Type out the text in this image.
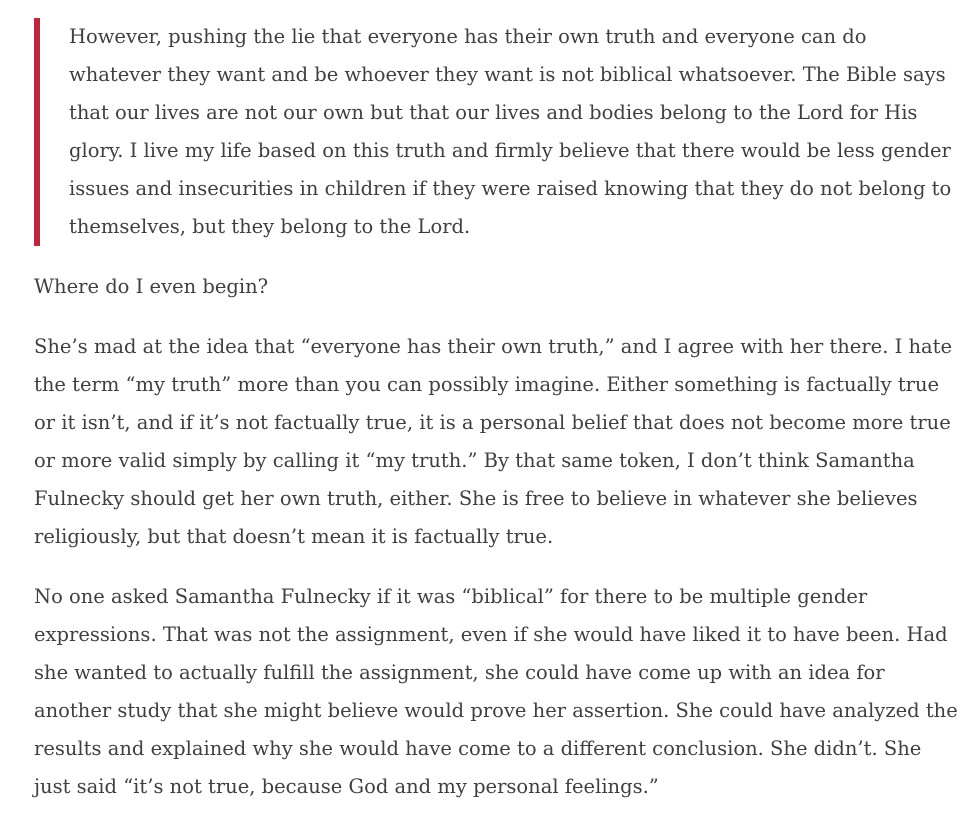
However, pushing the lie that everyone has their own truth and everyone can do whatever they want and be whoever they want is not biblical whatsoever. The Bible says that our lives are not our own but that our lives and bodies belong to the Lord for His glory. I live my life based on this truth and firmly believe that there would be less gender issues and insecurities in children if they were raised knowing that they do not belong to themselves, but they belong to the Lord.

Where do I even begin?

She’s mad at the idea that “everyone has their own truth,” and I agree with her there. I hate the term “my truth” more than you can possibly imagine. Either something is factually true or it isn’t, and if it’s not factually true, it is a personal belief that does not become more true or more valid simply by calling it “my truth.” By that same token, I don’t think Samantha Fulnecky should get her own truth, either. She is free to believe in whatever she believes religiously, but that doesn’t mean it is factually true.

No one asked Samantha Fulnecky if it was “biblical” for there to be multiple gender expressions. That was not the assignment, even if she would have liked it to have been. Had she wanted to actually fulfill the assignment, she could have come up with an idea for another study that she might believe would prove her assertion. She could have analyzed the results and explained why she would have come to a different conclusion. She didn’t. She just said “it’s not true, because God and my personal feelings.”
